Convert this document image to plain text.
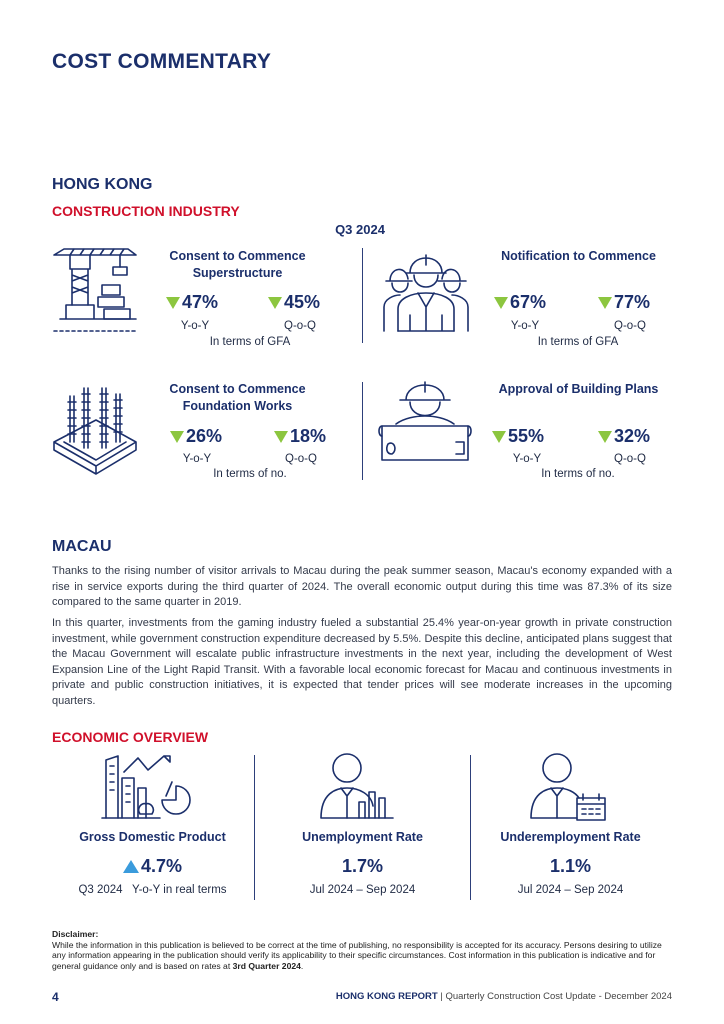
COST COMMENTARY
HONG KONG
CONSTRUCTION INDUSTRY
Q3 2024
Consent to Commence Superstructure
47%	45%
Y-o-Y	Q-o-Q
In terms of GFA
Notification to Commence
67%	77%
Y-o-Y	Q-o-Q
In terms of GFA
Consent to Commence Foundation Works
26%	18%
Y-o-Y	Q-o-Q
In terms of no.
Approval of Building Plans
55%	32%
Y-o-Y	Q-o-Q
In terms of no.
MACAU
Thanks to the rising number of visitor arrivals to Macau during the peak summer season, Macau's economy expanded with a rise in service exports during the third quarter of 2024. The overall economic output during this time was 87.3% of its size compared to the same quarter in 2019.
In this quarter, investments from the gaming industry fueled a substantial 25.4% year-on-year growth in private construction investment, while government construction expenditure decreased by 5.5%. Despite this decline, anticipated plans suggest that the Macau Government will escalate public infrastructure investments in the next year, including the development of West Expansion Line of the Light Rapid Transit. With a favorable local economic forecast for Macau and continuous investments in private and public construction initiatives, it is expected that tender prices will see moderate increases in the upcoming quarters.
ECONOMIC OVERVIEW
Gross Domestic Product
4.7%
Q3 2024   Y-o-Y in real terms
Unemployment Rate
1.7%
Jul 2024 – Sep 2024
Underemployment Rate
1.1%
Jul 2024 – Sep 2024
Disclaimer:
While the information in this publication is believed to be correct at the time of publishing, no responsibility is accepted for its accuracy. Persons desiring to utilize any information appearing in the publication should verify its applicability to their specific circumstances. Cost information in this publication is indicative and for general guidance only and is based on rates at 3rd Quarter 2024.
4	HONG KONG REPORT | Quarterly Construction Cost Update - December 2024
